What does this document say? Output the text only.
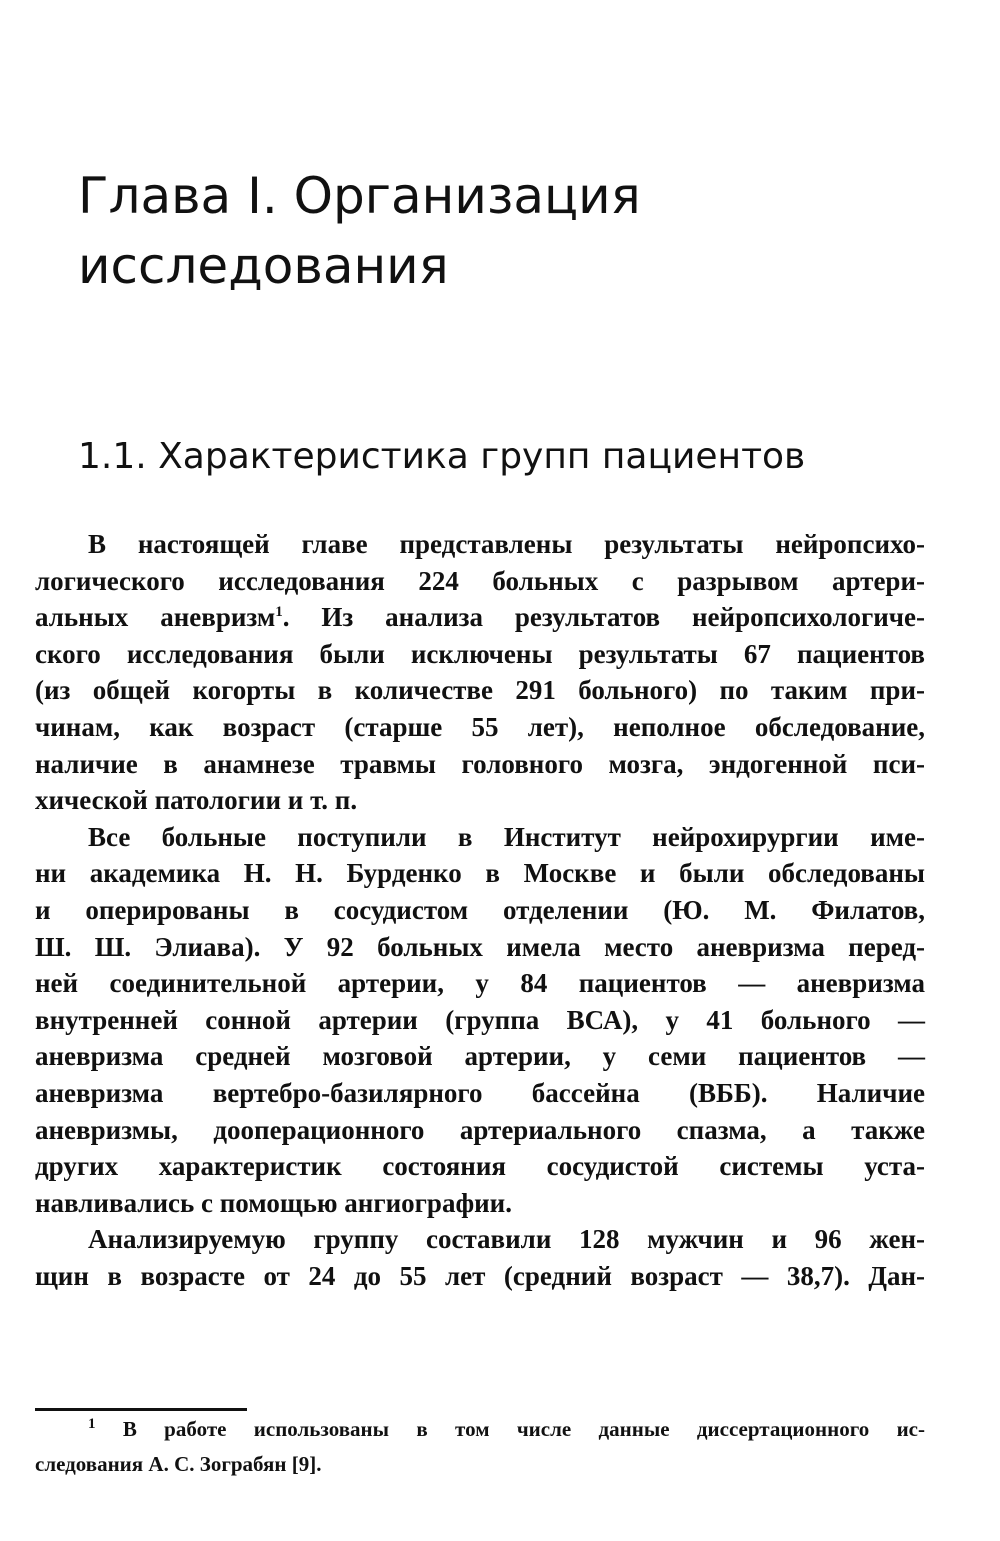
Глава I. Организация
исследования
1.1. Характеристика групп пациентов
В настоящей главе представлены результаты нейропсихо-
логического исследования 224 больных с разрывом артери-
альных аневризм$^1$. Из анализа результатов нейропсихологиче-
ского исследования были исключены результаты 67 пациентов
(из общей когорты в количестве 291 больного) по таким при-
чинам, как возраст (старше 55 лет), неполное обследование,
наличие в анамнезе травмы головного мозга, эндогенной пси-
хической патологии и т. п.
Все больные поступили в Институт нейрохирургии име-
ни академика Н. Н. Бурденко в Москве и были обследованы
и оперированы в сосудистом отделении (Ю. М. Филатов,
Ш. Ш. Элиава). У 92 больных имела место аневризма перед-
ней соединительной артерии, у 84 пациентов — аневризма
внутренней сонной артерии (группа ВСА), у 41 больного —
аневризма средней мозговой артерии, у семи пациентов —
аневризма вертебро-базилярного бассейна (ВББ). Наличие
аневризмы, дооперационного артериального спазма, а также
других характеристик состояния сосудистой системы уста-
навливались с помощью ангиографии.
Анализируемую группу составили 128 мужчин и 96 жен-
щин в возрасте от 24 до 55 лет (средний возраст — 38,7). Дан-
$^1$ В работе использованы в том числе данные диссертационного ис-
следования А. С. Зограбян [9].
